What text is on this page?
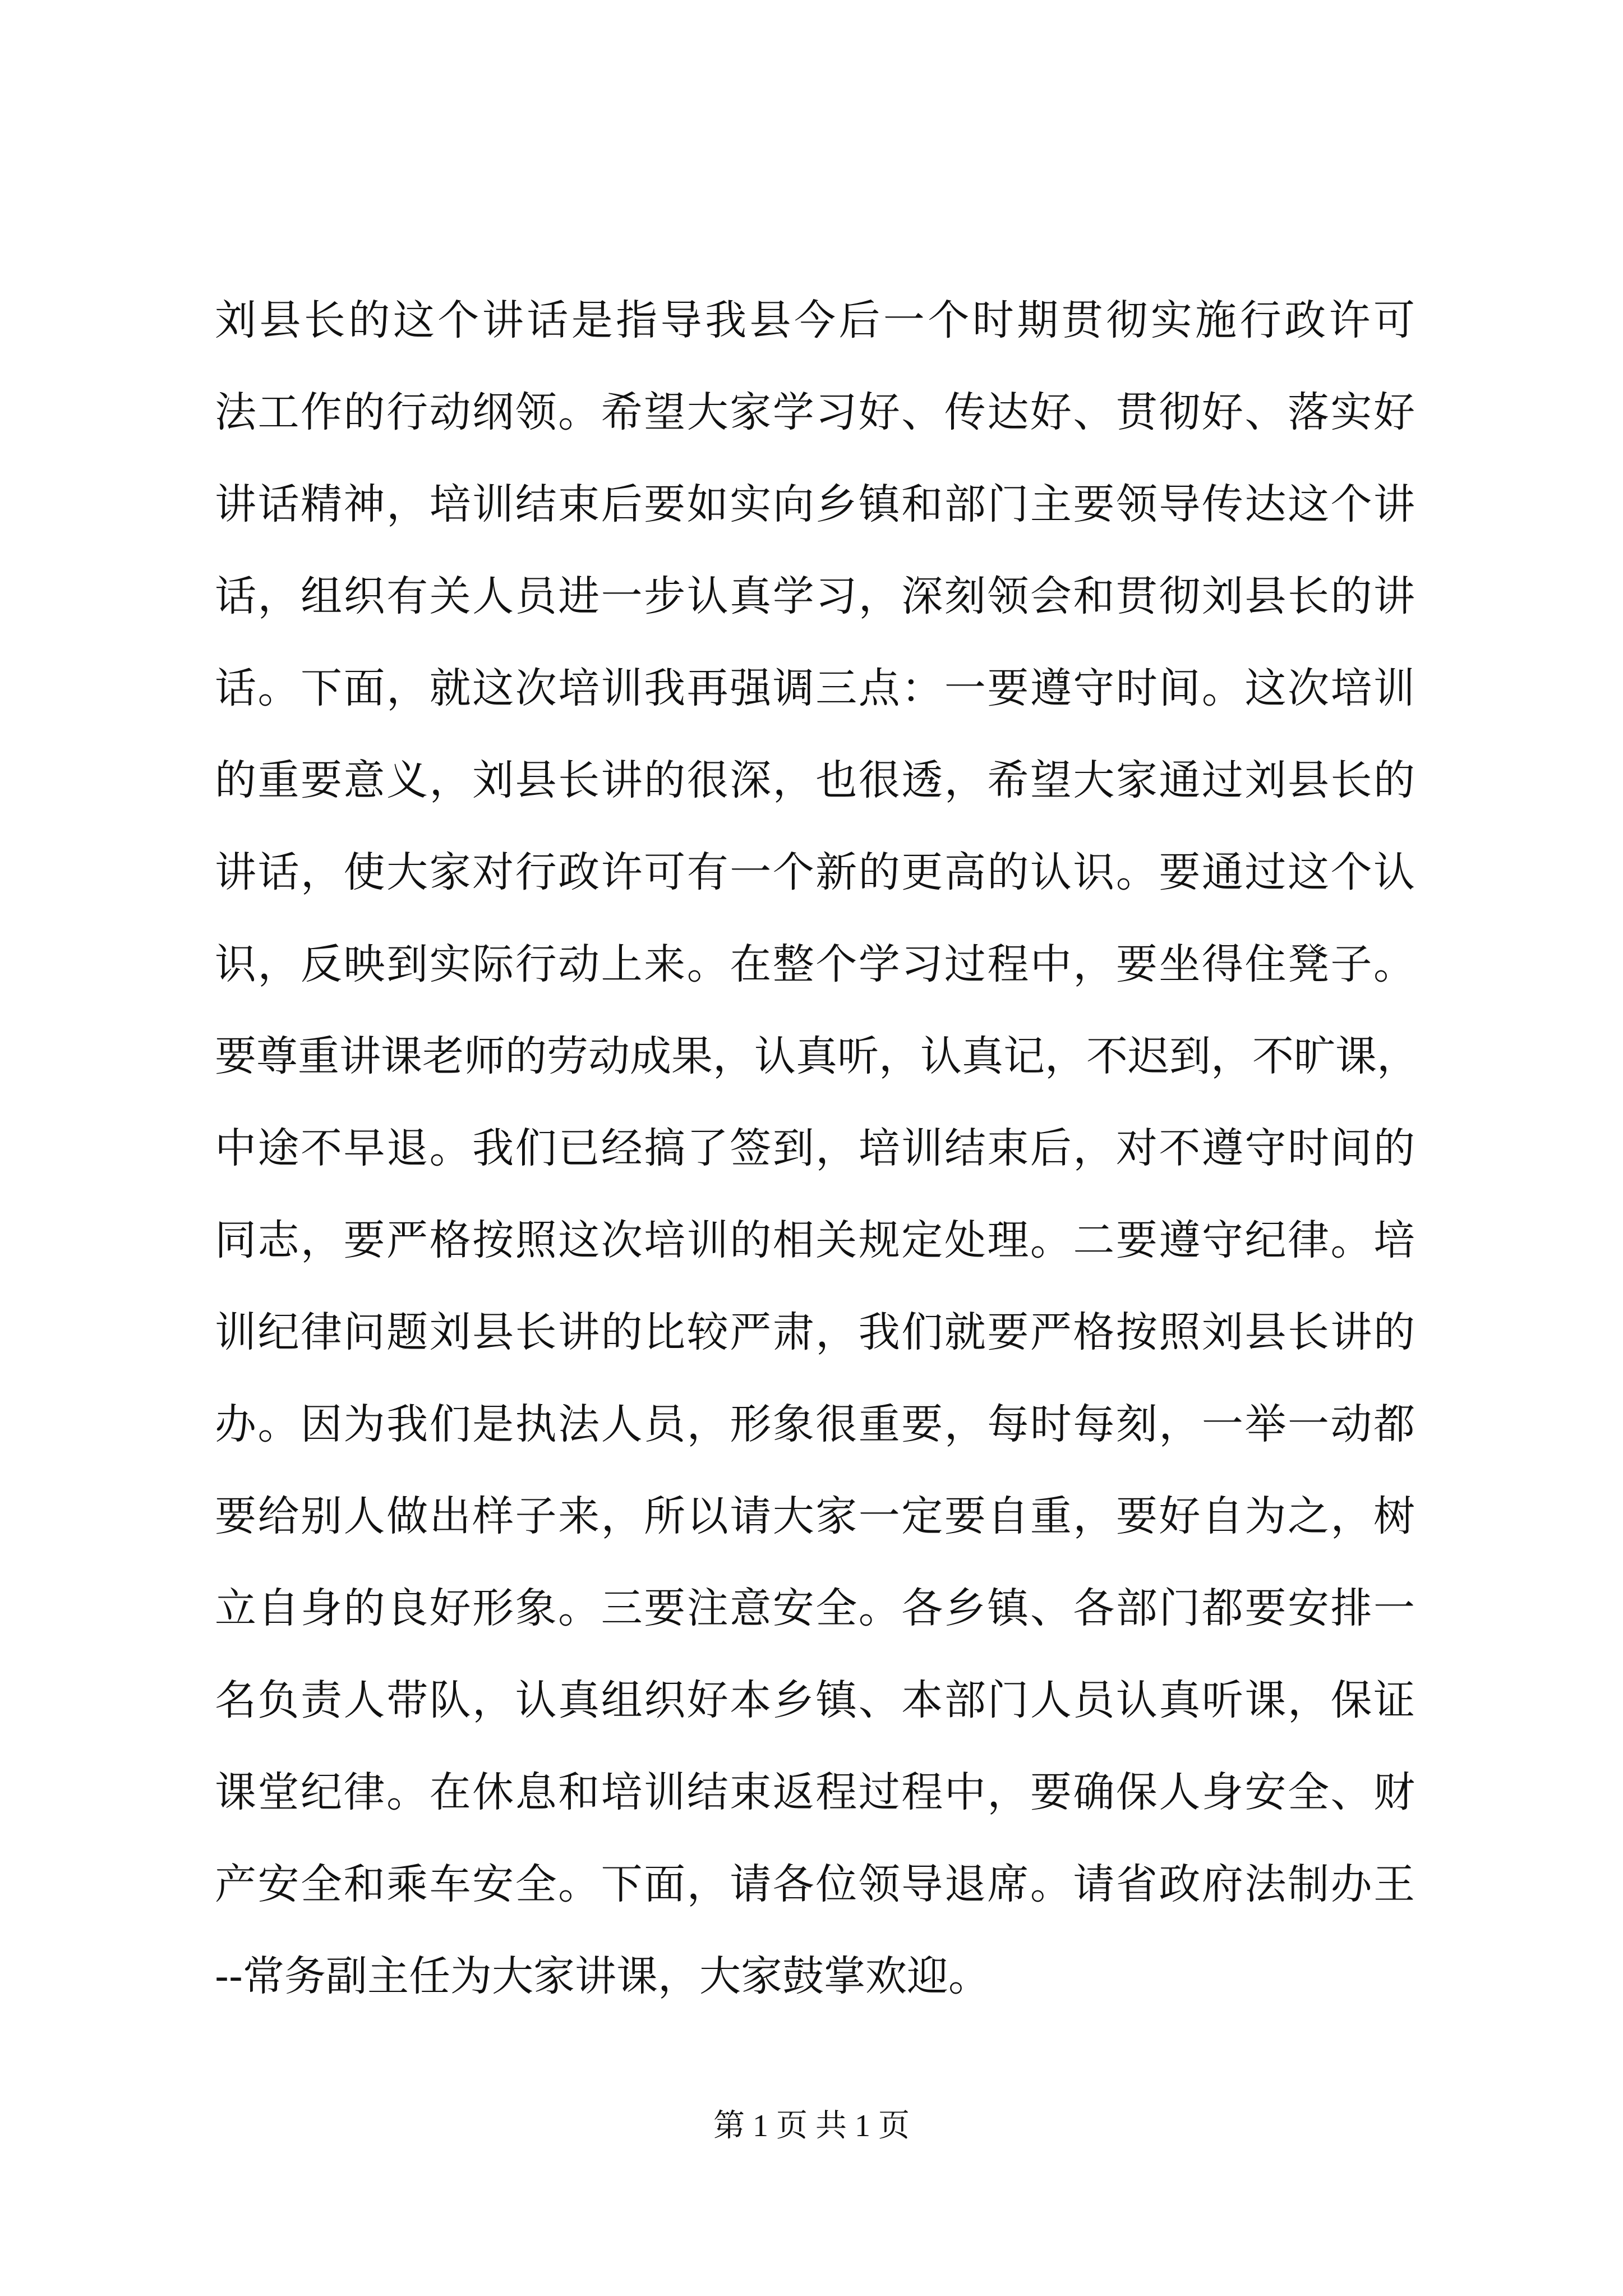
刘县长的这个讲话是指导我县今后一个时期贯彻实施行政许可
法工作的行动纲领。希望大家学习好、传达好、贯彻好、落实好
讲话精神，培训结束后要如实向乡镇和部门主要领导传达这个讲
话，组织有关人员进一步认真学习，深刻领会和贯彻刘县长的讲
话。下面，就这次培训我再强调三点：一要遵守时间。这次培训
的重要意义，刘县长讲的很深，也很透，希望大家通过刘县长的
讲话，使大家对行政许可有一个新的更高的认识。要通过这个认
识，反映到实际行动上来。在整个学习过程中，要坐得住凳子。
要尊重讲课老师的劳动成果，认真听，认真记，不迟到，不旷课，
中途不早退。我们已经搞了签到，培训结束后，对不遵守时间的
同志，要严格按照这次培训的相关规定处理。二要遵守纪律。培
训纪律问题刘县长讲的比较严肃，我们就要严格按照刘县长讲的
办。因为我们是执法人员，形象很重要，每时每刻，一举一动都
要给别人做出样子来，所以请大家一定要自重，要好自为之，树
立自身的良好形象。三要注意安全。各乡镇、各部门都要安排一
名负责人带队，认真组织好本乡镇、本部门人员认真听课，保证
课堂纪律。在休息和培训结束返程过程中，要确保人身安全、财
产安全和乘车安全。下面，请各位领导退席。请省政府法制办王
--常务副主任为大家讲课，大家鼓掌欢迎。
第 1 页 共 1 页
